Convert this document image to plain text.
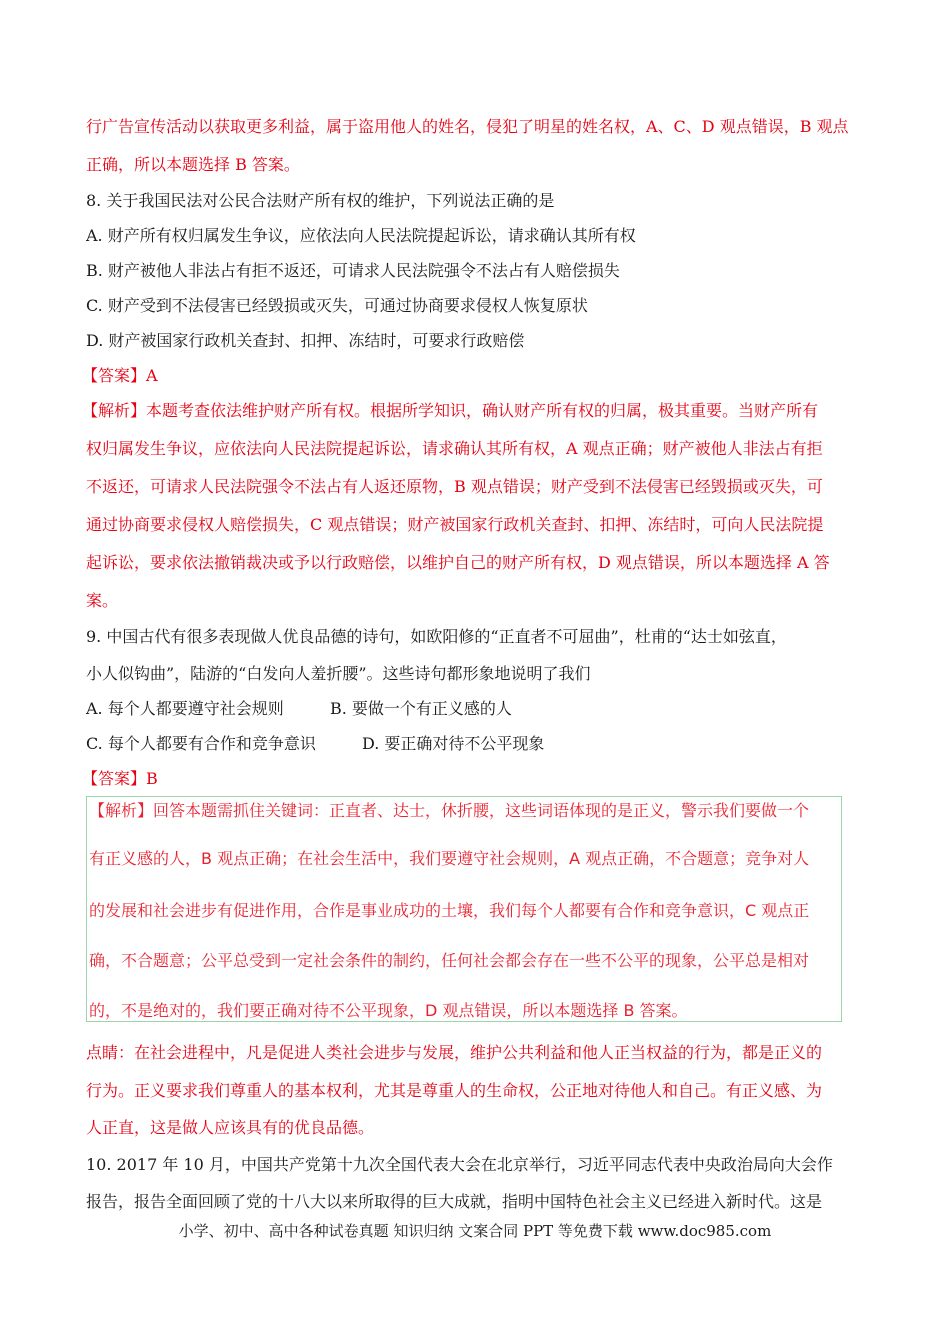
行广告宣传活动以获取更多利益，属于盗用他人的姓名，侵犯了明星的姓名权，A、C、D 观点错误，B 观点
正确，所以本题选择 B 答案。
8. 关于我国民法对公民合法财产所有权的维护，下列说法正确的是
A. 财产所有权归属发生争议，应依法向人民法院提起诉讼，请求确认其所有权
B. 财产被他人非法占有拒不返还，可请求人民法院强令不法占有人赔偿损失
C. 财产受到不法侵害已经毁损或灭失，可通过协商要求侵权人恢复原状
D. 财产被国家行政机关查封、扣押、冻结时，可要求行政赔偿
【答案】A
【解析】本题考查依法维护财产所有权。根据所学知识，确认财产所有权的归属，极其重要。当财产所有
权归属发生争议，应依法向人民法院提起诉讼，请求确认其所有权，A 观点正确；财产被他人非法占有拒
不返还，可请求人民法院强令不法占有人返还原物，B 观点错误；财产受到不法侵害已经毁损或灭失，可
通过协商要求侵权人赔偿损失，C 观点错误；财产被国家行政机关查封、扣押、冻结时，可向人民法院提
起诉讼，要求依法撤销裁决或予以行政赔偿，以维护自己的财产所有权，D 观点错误，所以本题选择 A 答
案。
9. 中国古代有很多表现做人优良品德的诗句，如欧阳修的“正直者不可屈曲”，杜甫的“达士如弦直，
小人似钩曲”，陆游的“白发向人羞折腰”。这些诗句都形象地说明了我们
A. 每个人都要遵守社会规则	B. 要做一个有正义感的人
C. 每个人都要有合作和竞争意识	D. 要正确对待不公平现象
【答案】B
【解析】回答本题需抓住关键词：正直者、达士，休折腰，这些词语体现的是正义，警示我们要做一个
有正义感的人，B 观点正确；在社会生活中，我们要遵守社会规则，A 观点正确，不合题意；竞争对人
的发展和社会进步有促进作用，合作是事业成功的土壤，我们每个人都要有合作和竞争意识，C 观点正
确，不合题意；公平总受到一定社会条件的制约，任何社会都会存在一些不公平的现象，公平总是相对
的，不是绝对的，我们要正确对待不公平现象，D 观点错误，所以本题选择 B 答案。
点睛：在社会进程中，凡是促进人类社会进步与发展，维护公共利益和他人正当权益的行为，都是正义的
行为。正义要求我们尊重人的基本权利，尤其是尊重人的生命权，公正地对待他人和自己。有正义感、为
人正直，这是做人应该具有的优良品德。
10. 2017 年 10 月，中国共产党第十九次全国代表大会在北京举行，习近平同志代表中央政治局向大会作
报告，报告全面回顾了党的十八大以来所取得的巨大成就，指明中国特色社会主义已经进入新时代。这是
小学、初中、高中各种试卷真题 知识归纳 文案合同 PPT 等免费下载 www.doc985.com
